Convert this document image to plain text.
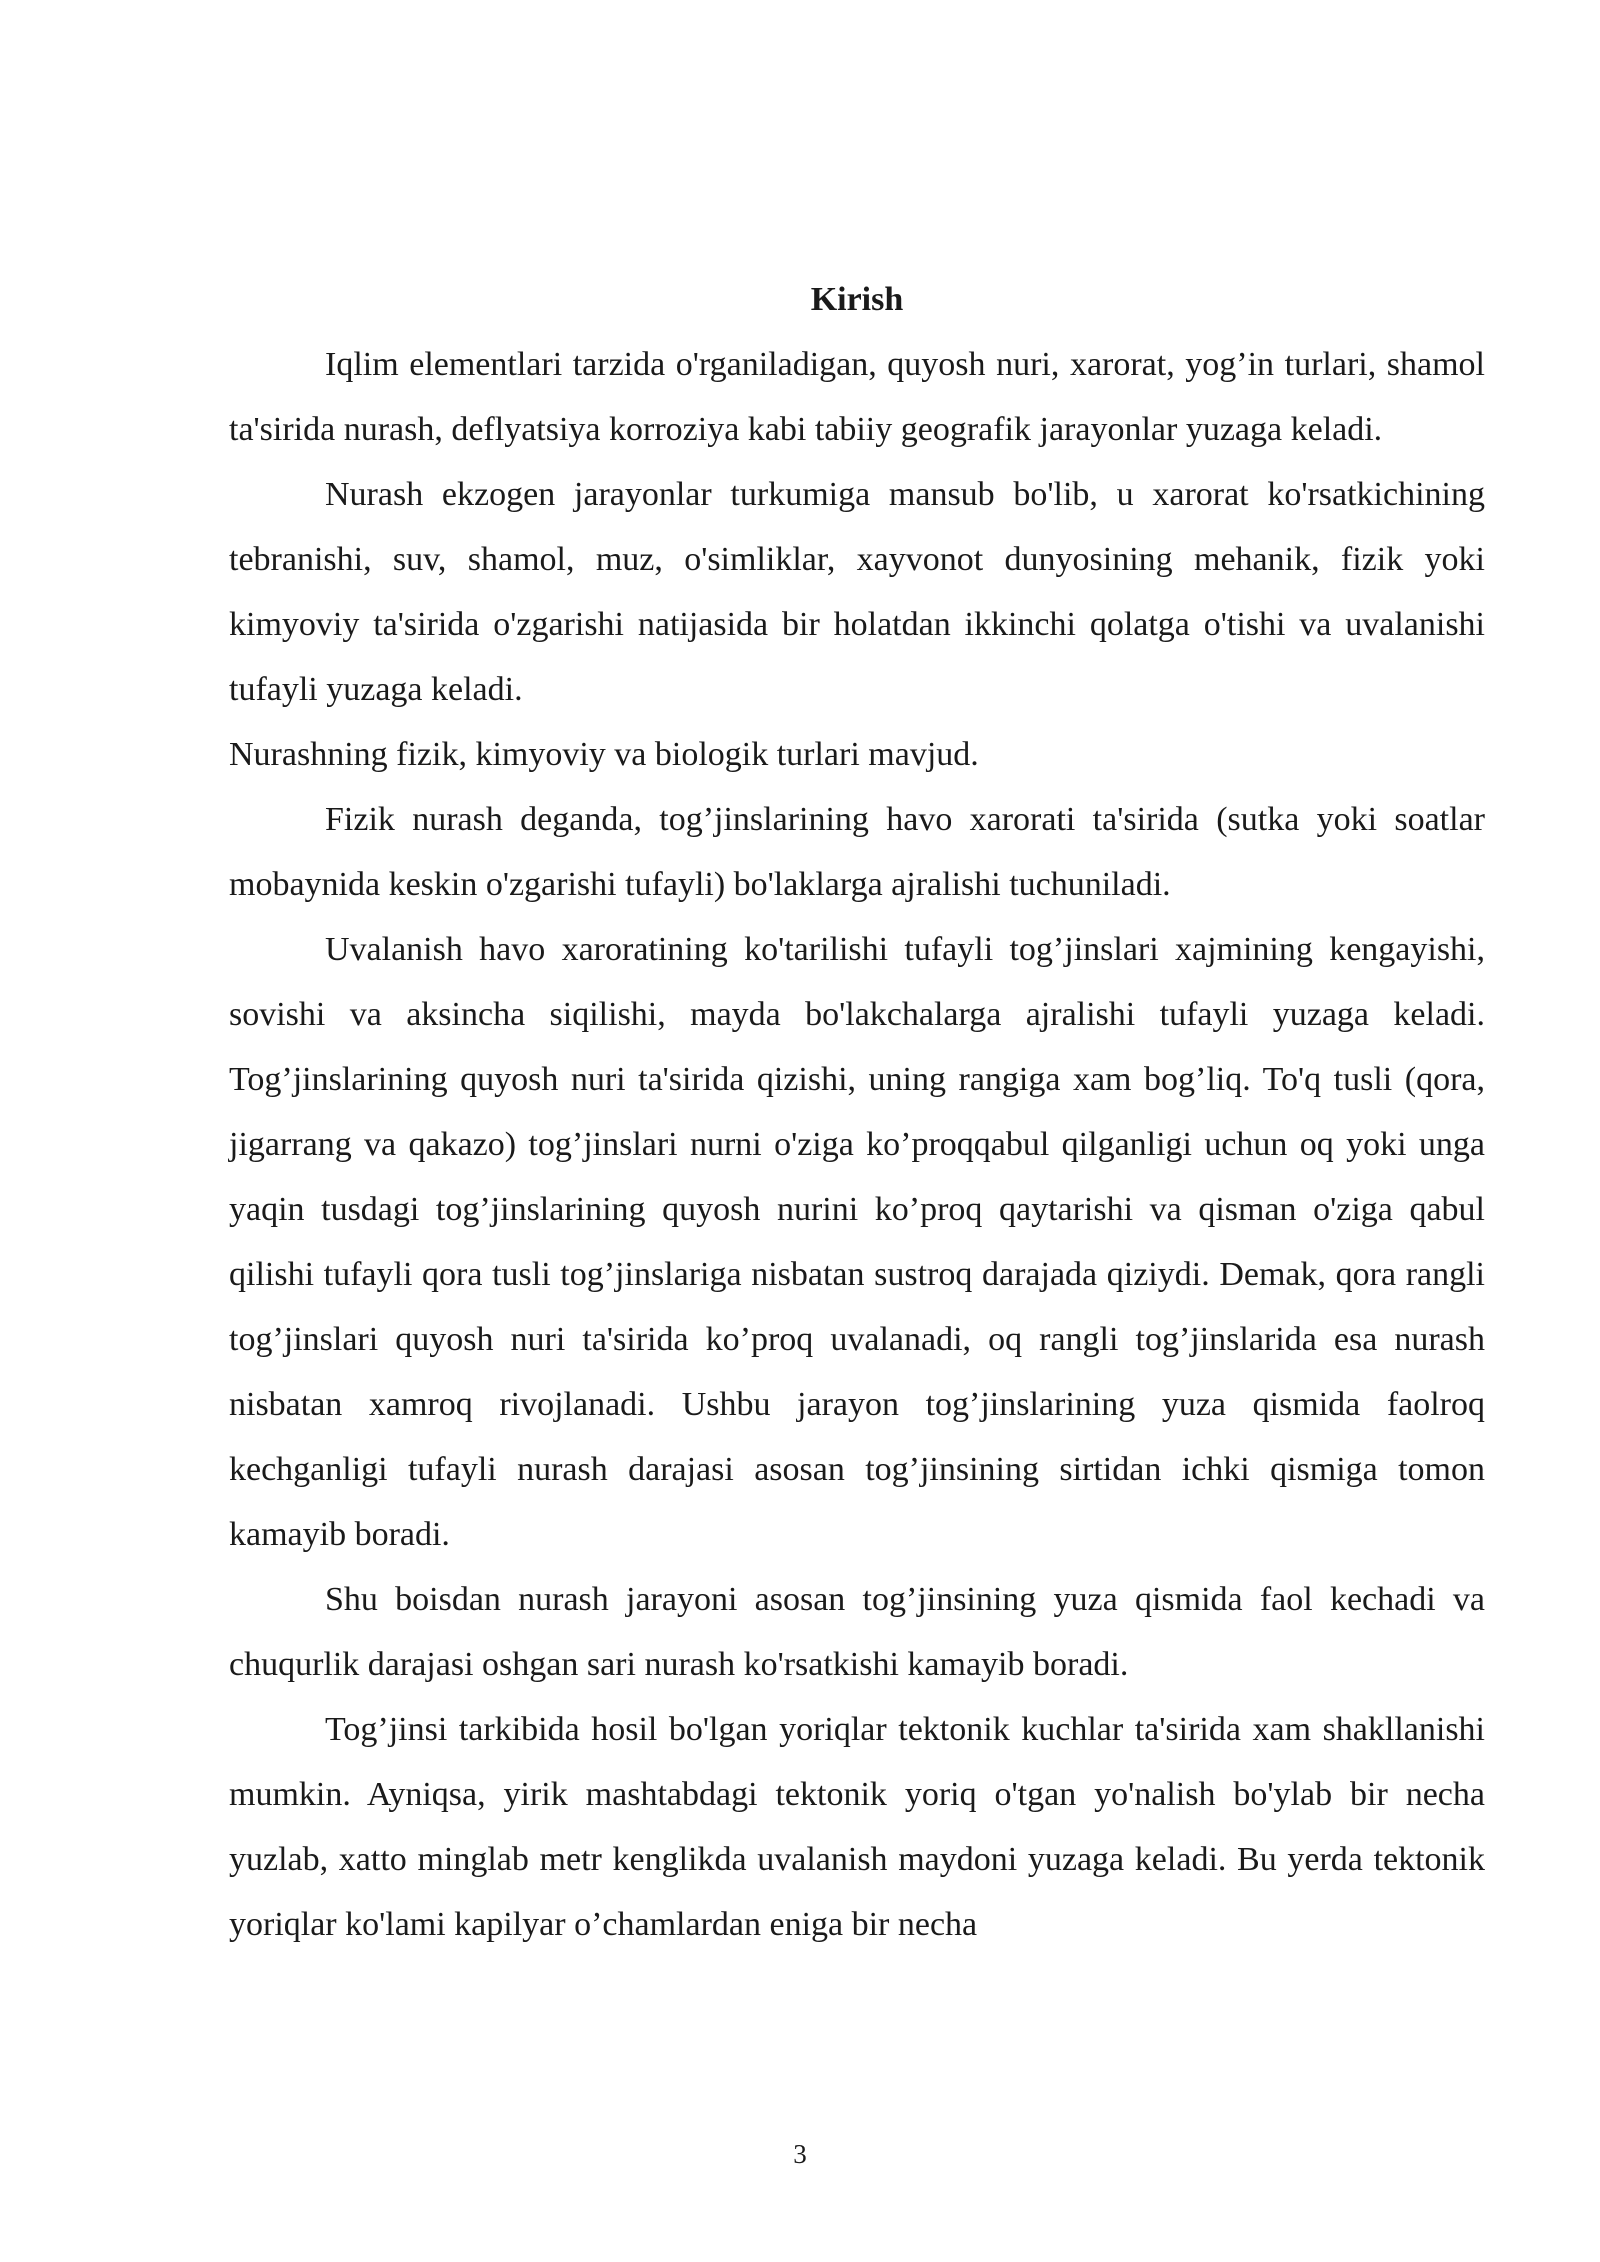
Kirish

Iqlim elementlari tarzida o'rganiladigan, quyosh nuri, xarorat, yog’in turlari, shamol ta'sirida nurash, deflyatsiya korroziya kabi tabiiy geografik jarayonlar yuzaga keladi.

Nurash ekzogen jarayonlar turkumiga mansub bo'lib, u xarorat ko'rsatkichining tebranishi, suv, shamol, muz, o'simliklar, xayvonot dunyosining mehanik, fizik yoki kimyoviy ta'sirida o'zgarishi natijasida bir holatdan ikkinchi qolatga o'tishi va uvalanishi tufayli yuzaga keladi.

Nurashning fizik, kimyoviy va biologik turlari mavjud.

Fizik nurash deganda, tog’jinslarining havo xarorati ta'sirida (sutka yoki soatlar mobaynida keskin o'zgarishi tufayli) bo'laklarga ajralishi tuchuniladi.

Uvalanish havo xaroratining ko'tarilishi tufayli tog’jinslari xajmining kengayishi, sovishi va aksincha siqilishi, mayda bo'lakchalarga ajralishi tufayli yuzaga keladi. Tog’jinslarining quyosh nuri ta'sirida qizishi, uning rangiga xam bog’liq. To'q tusli (qora, jigarrang va qakazo) tog’jinslari nurni o'ziga ko’proqqabul qilganligi uchun oq yoki unga yaqin tusdagi tog’jinslarining quyosh nurini ko’proq qaytarishi va qisman o'ziga qabul qilishi tufayli qora tusli tog’jinslariga nisbatan sustroq darajada qiziydi. Demak, qora rangli tog’jinslari quyosh nuri ta'sirida ko’proq uvalanadi, oq rangli tog’jinslarida esa nurash nisbatan xamroq rivojlanadi. Ushbu jarayon tog’jinslarining yuza qismida faolroq kechganligi tufayli nurash darajasi asosan tog’jinsining sirtidan ichki qismiga tomon kamayib boradi.

Shu boisdan nurash jarayoni asosan tog’jinsining yuza qismida faol kechadi va chuqurlik darajasi oshgan sari nurash ko'rsatkishi kamayib boradi.

Tog’jinsi tarkibida hosil bo'lgan yoriqlar tektonik kuchlar ta'sirida xam shakllanishi mumkin. Ayniqsa, yirik mashtabdagi tektonik yoriq o'tgan yo'nalish bo'ylab bir necha yuzlab, xatto minglab metr kenglikda uvalanish maydoni yuzaga keladi. Bu yerda tektonik yoriqlar ko'lami kapilyar o’chamlardan eniga bir necha

3
